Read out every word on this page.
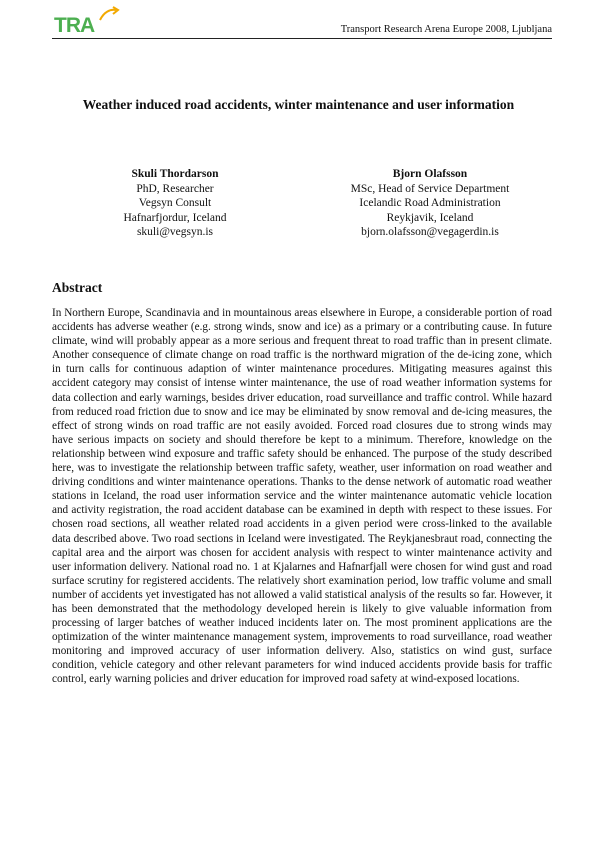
TRA	Transport Research Arena Europe 2008, Ljubljana
Weather induced road accidents, winter maintenance and user information
Skuli Thordarson
PhD, Researcher
Vegsyn Consult
Hafnarfjordur, Iceland
skuli@vegsyn.is
Bjorn Olafsson
MSc, Head of Service Department
Icelandic Road Administration
Reykjavik, Iceland
bjorn.olafsson@vegagerdin.is
Abstract

In Northern Europe, Scandinavia and in mountainous areas elsewhere in Europe, a considerable portion of road accidents has adverse weather (e.g. strong winds, snow and ice) as a primary or a contributing cause. In future climate, wind will probably appear as a more serious and frequent threat to road traffic than in present climate. Another consequence of climate change on road traffic is the northward migration of the de-icing zone, which in turn calls for continuous adaption of winter maintenance procedures. Mitigating measures against this accident category may consist of intense winter maintenance, the use of road weather information systems for data collection and early warnings, besides driver education, road surveillance and traffic control. While hazard from reduced road friction due to snow and ice may be eliminated by snow removal and de-icing measures, the effect of strong winds on road traffic are not easily avoided. Forced road closures due to strong winds may have serious impacts on society and should therefore be kept to a minimum. Therefore, knowledge on the relationship between wind exposure and traffic safety should be enhanced. The purpose of the study described here, was to investigate the relationship between traffic safety, weather, user information on road weather and driving conditions and winter maintenance operations. Thanks to the dense network of automatic road weather stations in Iceland, the road user information service and the winter maintenance automatic vehicle location and activity registration, the road accident database can be examined in depth with respect to these issues. For chosen road sections, all weather related road accidents in a given period were cross-linked to the available data described above. Two road sections in Iceland were investigated. The Reykjanesbraut road, connecting the capital area and the airport was chosen for accident analysis with respect to winter maintenance activity and user information delivery. National road no. 1 at Kjalarnes and Hafnarfjall were chosen for wind gust and road surface scrutiny for registered accidents. The relatively short examination period, low traffic volume and small number of accidents yet investigated has not allowed a valid statistical analysis of the results so far. However, it has been demonstrated that the methodology developed herein is likely to give valuable information from processing of larger batches of weather induced incidents later on. The most prominent applications are the optimization of the winter maintenance management system, improvements to road surveillance, road weather monitoring and improved accuracy of user information delivery. Also, statistics on wind gust, surface condition, vehicle category and other relevant parameters for wind induced accidents provide basis for traffic control, early warning policies and driver education for improved road safety at wind-exposed locations.
